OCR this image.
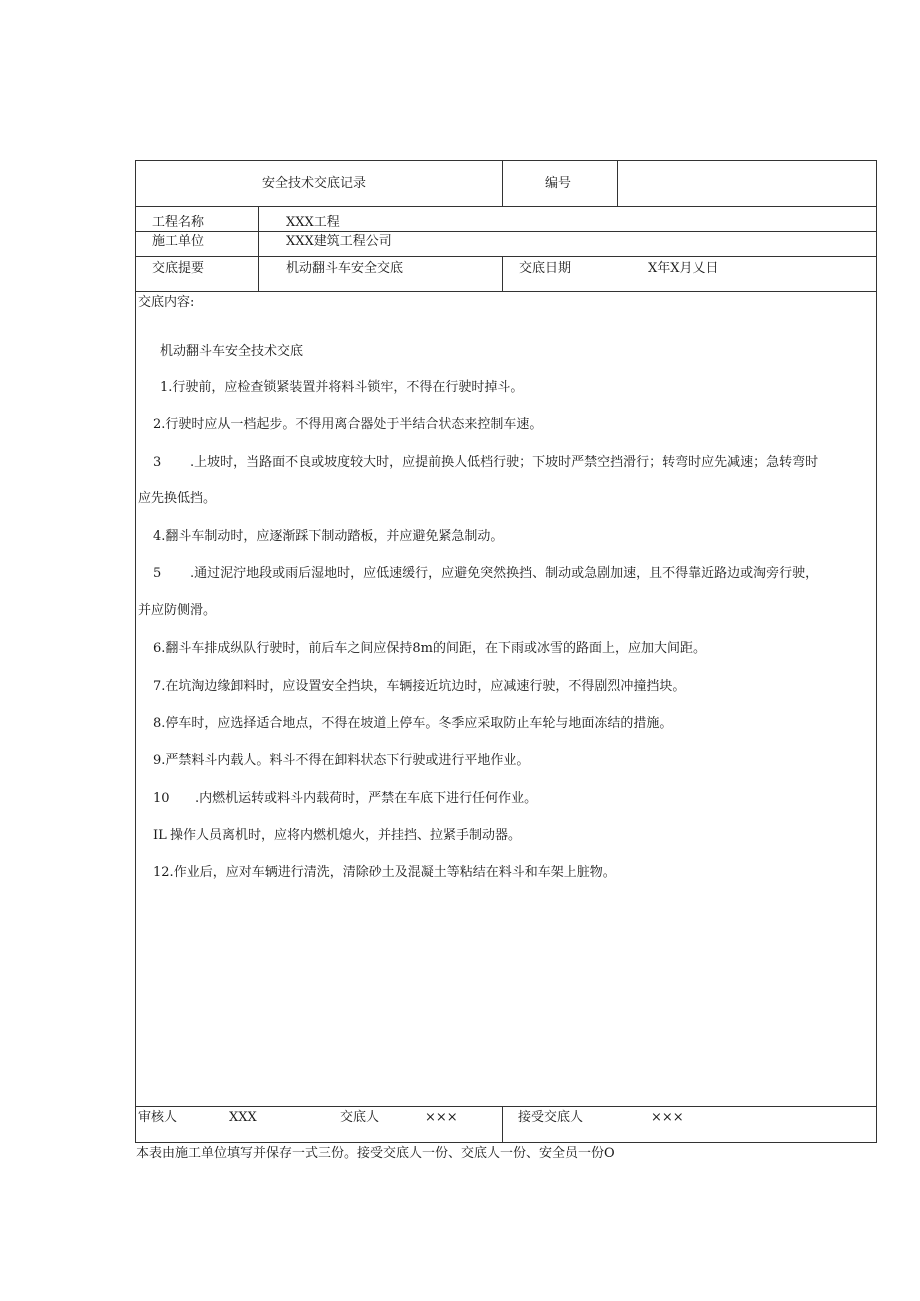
安全技术交底记录	编号
工程名称	XXX工程
施工单位	XXX建筑工程公司
交底提要	机动翻斗车安全交底	交底日期	X年X月乂日
交底内容:
机动翻斗车安全技术交底
1.行驶前，应检查锁紧装置并将料斗锁牢，不得在行驶时掉斗。
2.行驶时应从一档起步。不得用离合器处于半结合状态来控制车速。
3 .上坡时，当路面不良或坡度较大时，应提前换人低档行驶；下坡时严禁空挡滑行；转弯时应先减速；急转弯时
应先换低挡。
4.翻斗车制动时，应逐渐踩下制动踏板，并应避免紧急制动。
5 .通过泥泞地段或雨后湿地时，应低速缓行，应避免突然换挡、制动或急剧加速，且不得靠近路边或淘旁行驶，
并应防侧滑。
6.翻斗车排成纵队行驶时，前后车之间应保持8m的间距，在下雨或冰雪的路面上，应加大间距。
7.在坑淘边缘卸料时，应设置安全挡块，车辆接近坑边时，应减速行驶，不得剧烈冲撞挡块。
8.停车时，应选择适合地点，不得在坡道上停车。冬季应采取防止车轮与地面冻结的措施。
9.严禁料斗内载人。料斗不得在卸料状态下行驶或进行平地作业。
10 .内燃机运转或料斗内载荷时，严禁在车底下进行任何作业。
IL 操作人员离机时，应将内燃机熄火，并挂挡、拉紧手制动器。
12.作业后，应对车辆进行清洗，清除砂土及混凝土等粘结在料斗和车架上脏物。
审核人	XXX	交底人	×××	接受交底人	×××
本表由施工单位填写并保存一式三份。接受交底人一份、交底人一份、安全员一份O
